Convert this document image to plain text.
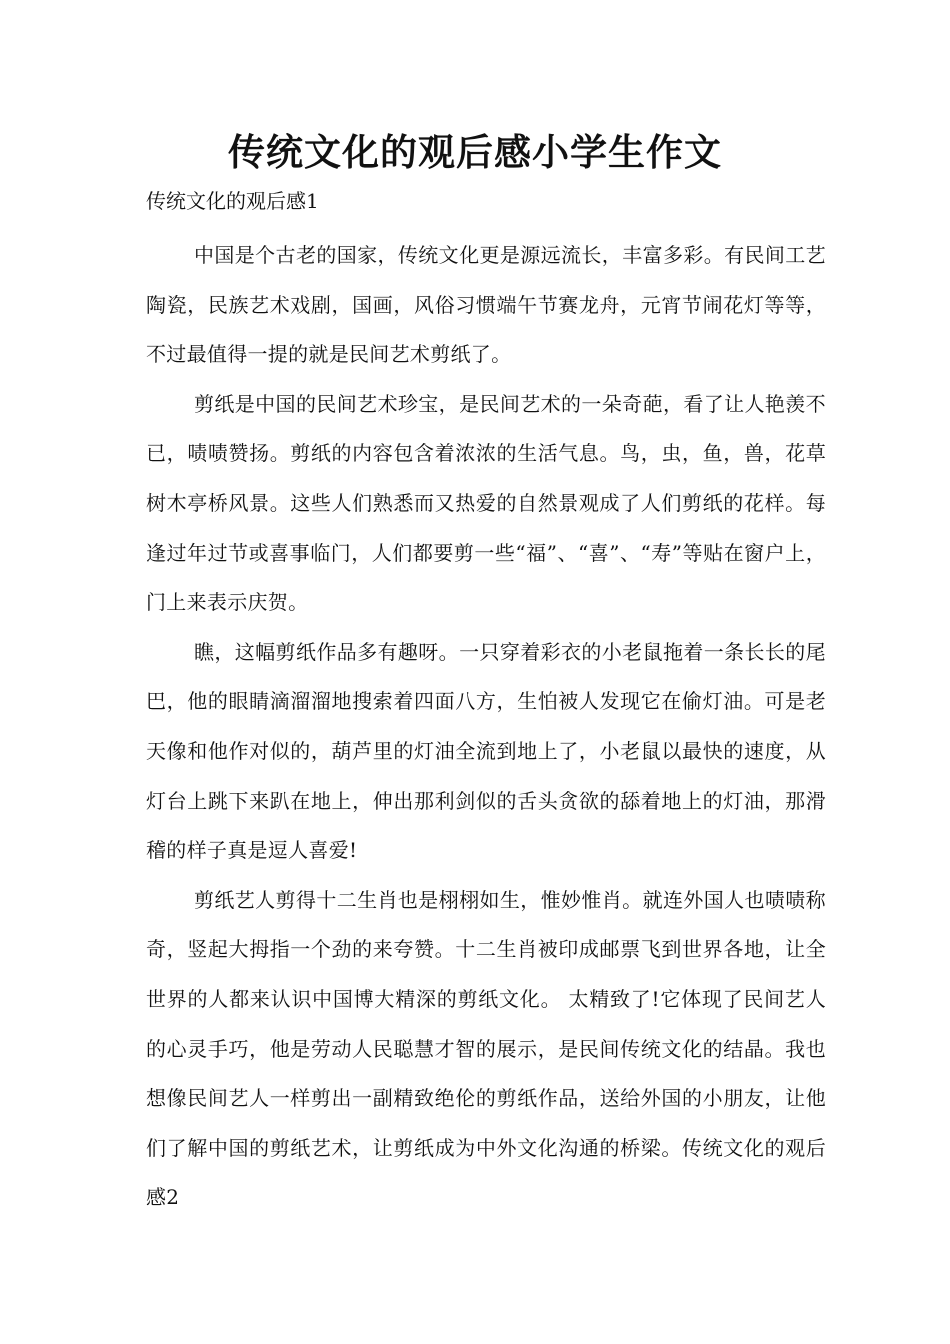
传统文化的观后感小学生作文

传统文化的观后感1

中国是个古老的国家，传统文化更是源远流长，丰富多彩。有民间工艺陶瓷，民族艺术戏剧，国画，风俗习惯端午节赛龙舟，元宵节闹花灯等等，不过最值得一提的就是民间艺术剪纸了。

剪纸是中国的民间艺术珍宝，是民间艺术的一朵奇葩，看了让人艳羡不已，啧啧赞扬。剪纸的内容包含着浓浓的生活气息。鸟，虫，鱼，兽，花草树木亭桥风景。这些人们熟悉而又热爱的自然景观成了人们剪纸的花样。每逢过年过节或喜事临门，人们都要剪一些“福”、“喜”、“寿”等贴在窗户上，门上来表示庆贺。

瞧，这幅剪纸作品多有趣呀。一只穿着彩衣的小老鼠拖着一条长长的尾巴，他的眼睛滴溜溜地搜索着四面八方，生怕被人发现它在偷灯油。可是老天像和他作对似的，葫芦里的灯油全流到地上了，小老鼠以最快的速度，从灯台上跳下来趴在地上，伸出那利剑似的舌头贪欲的舔着地上的灯油，那滑稽的样子真是逗人喜爱!

剪纸艺人剪得十二生肖也是栩栩如生，惟妙惟肖。就连外国人也啧啧称奇，竖起大拇指一个劲的来夸赞。十二生肖被印成邮票飞到世界各地，让全世界的人都来认识中国博大精深的剪纸文化。 太精致了!它体现了民间艺人的心灵手巧，他是劳动人民聪慧才智的展示，是民间传统文化的结晶。我也想像民间艺人一样剪出一副精致绝伦的剪纸作品，送给外国的小朋友，让他们了解中国的剪纸艺术，让剪纸成为中外文化沟通的桥梁。传统文化的观后感2
